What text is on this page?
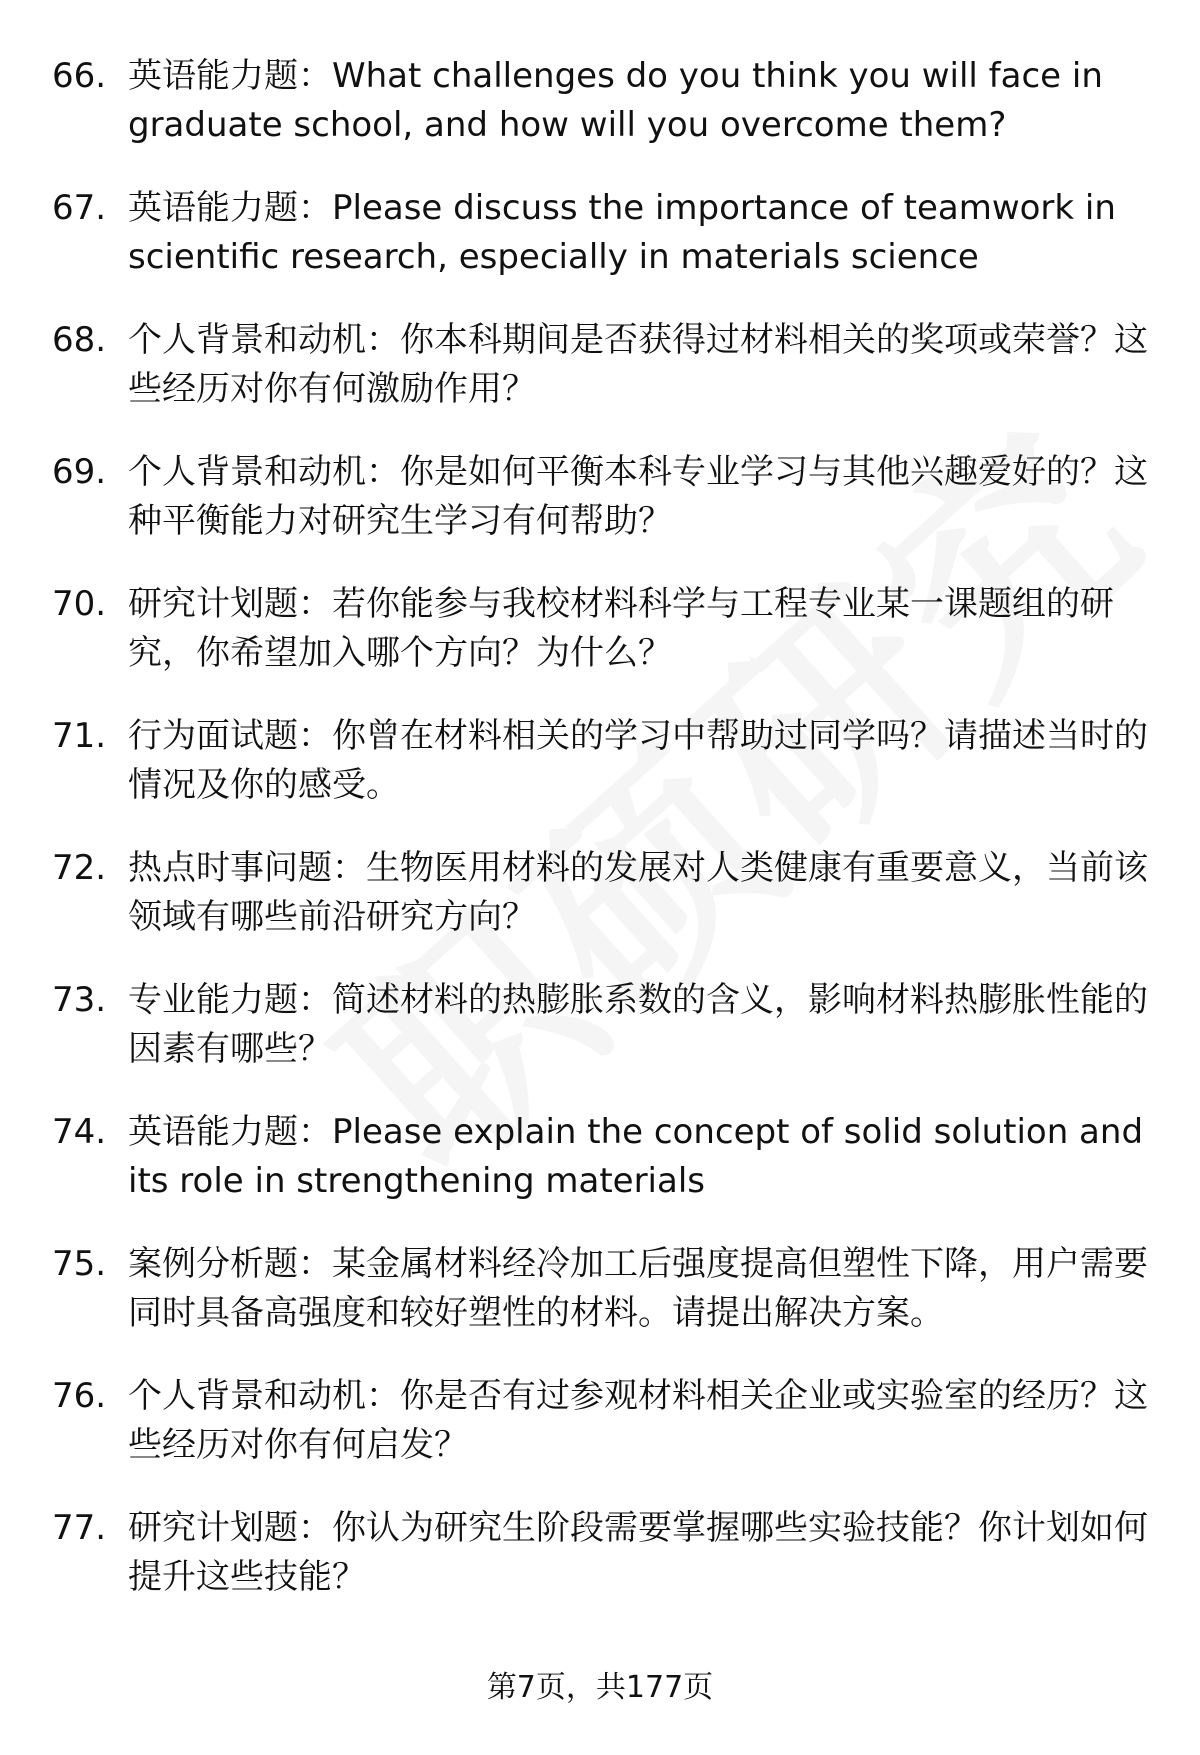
66. 英语能力题：What challenges do you think you will face in graduate school, and how will you overcome them?
67. 英语能力题：Please discuss the importance of teamwork in scientific research, especially in materials science
68. 个人背景和动机：你本科期间是否获得过材料相关的奖项或荣誉？这些经历对你有何激励作用？
69. 个人背景和动机：你是如何平衡本科专业学习与其他兴趣爱好的？这种平衡能力对研究生学习有何帮助？
70. 研究计划题：若你能参与我校材料科学与工程专业某一课题组的研究，你希望加入哪个方向？为什么？
71. 行为面试题：你曾在材料相关的学习中帮助过同学吗？请描述当时的情况及你的感受。
72. 热点时事问题：生物医用材料的发展对人类健康有重要意义，当前该领域有哪些前沿研究方向？
73. 专业能力题：简述材料的热膨胀系数的含义，影响材料热膨胀性能的因素有哪些？
74. 英语能力题：Please explain the concept of solid solution and its role in strengthening materials
75. 案例分析题：某金属材料经冷加工后强度提高但塑性下降，用户需要同时具备高强度和较好塑性的材料。请提出解决方案。
76. 个人背景和动机：你是否有过参观材料相关企业或实验室的经历？这些经历对你有何启发？
77. 研究计划题：你认为研究生阶段需要掌握哪些实验技能？你计划如何提升这些技能？
第7页，共177页
